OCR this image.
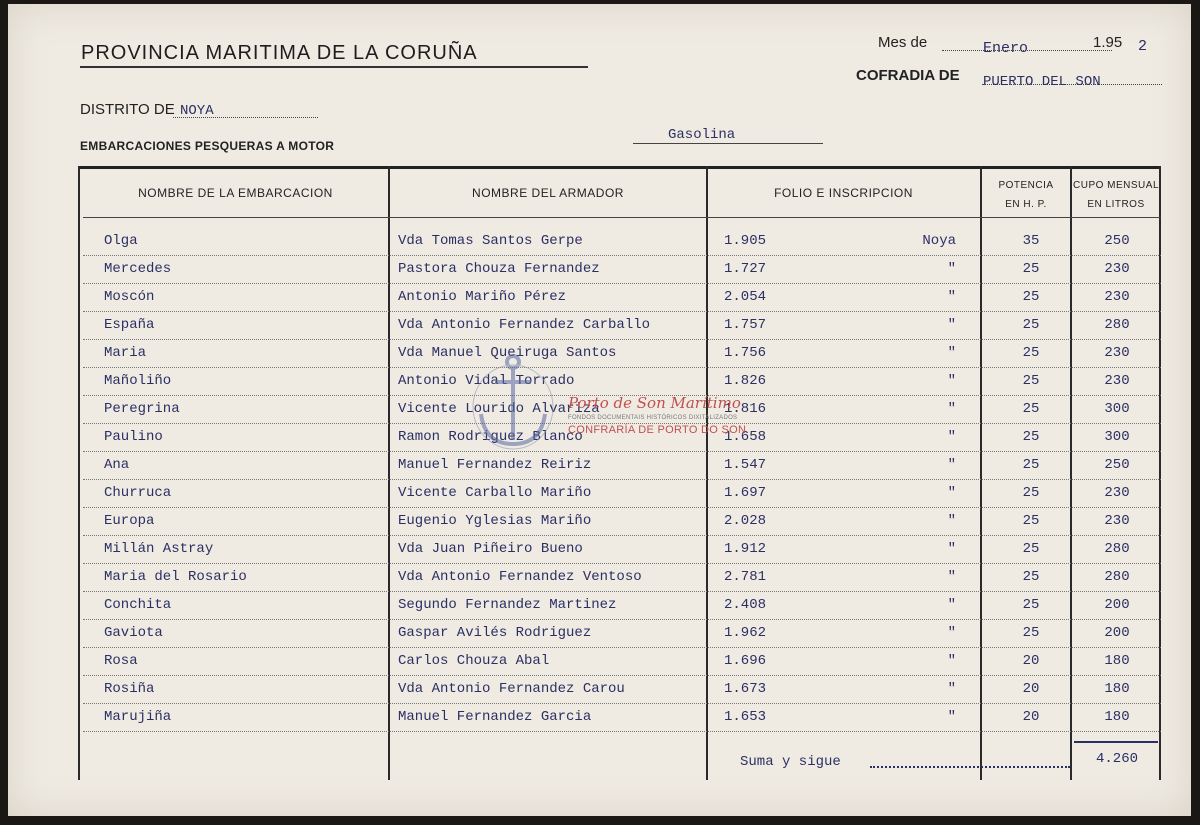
PROVINCIA MARITIMA DE LA CORUÑA	Mes de	Enero	1.95 2
COFRADIA DE PUERTO DEL SON
DISTRITO DE NOYA
EMBARCACIONES PESQUERAS A MOTOR
Gasolina
NOMBRE DE LA EMBARCACION	NOMBRE DEL ARMADOR	FOLIO E INSCRIPCION
POTENCIA
EN H. P.
CUPO MENSUAL
EN LITROS
Olga	Vda Tomas Santos Gerpe	1.905	Noya	35	250
Mercedes	Pastora Chouza Fernandez	1.727	"	25	230
Moscón	Antonio Mariño Pérez	2.054	"	25	230
España	Vda Antonio Fernandez Carballo	1.757	"	25	280
Maria	Vda Manuel Queiruga Santos	1.756	"	25	230
Mañoliño	Antonio Vidal Torrado	1.826	"	25	230
Peregrina	Vicente Lourido Alvariza	1.816	"	25	300
Paulino	Ramon Rodriguez Blanco	1.658	"	25	300
Ana	Manuel Fernandez Reiriz	1.547	"	25	250
Churruca	Vicente Carballo Mariño	1.697	"	25	230
Europa	Eugenio Yglesias Mariño	2.028	"	25	230
Millán Astray	Vda Juan Piñeiro Bueno	1.912	"	25	280
Maria del Rosario	Vda Antonio Fernandez Ventoso	2.781	"	25	280
Conchita	Segundo Fernandez Martinez	2.408	"	25	200
Gaviota	Gaspar Avilés Rodriguez	1.962	"	25	200
Rosa	Carlos Chouza Abal	1.696	"	20	180
Rosiña	Vda Antonio Fernandez Carou	1.673	"	20	180
Marujiña	Manuel Fernandez Garcia	1.653	"	20	180
Porto de Son Marítimo
FONDOS DOCUMENTAIS HISTÓRICOS DIXITALIZADOS
CONFRARÍA DE PORTO DO SON
Suma y sigue	4.260
